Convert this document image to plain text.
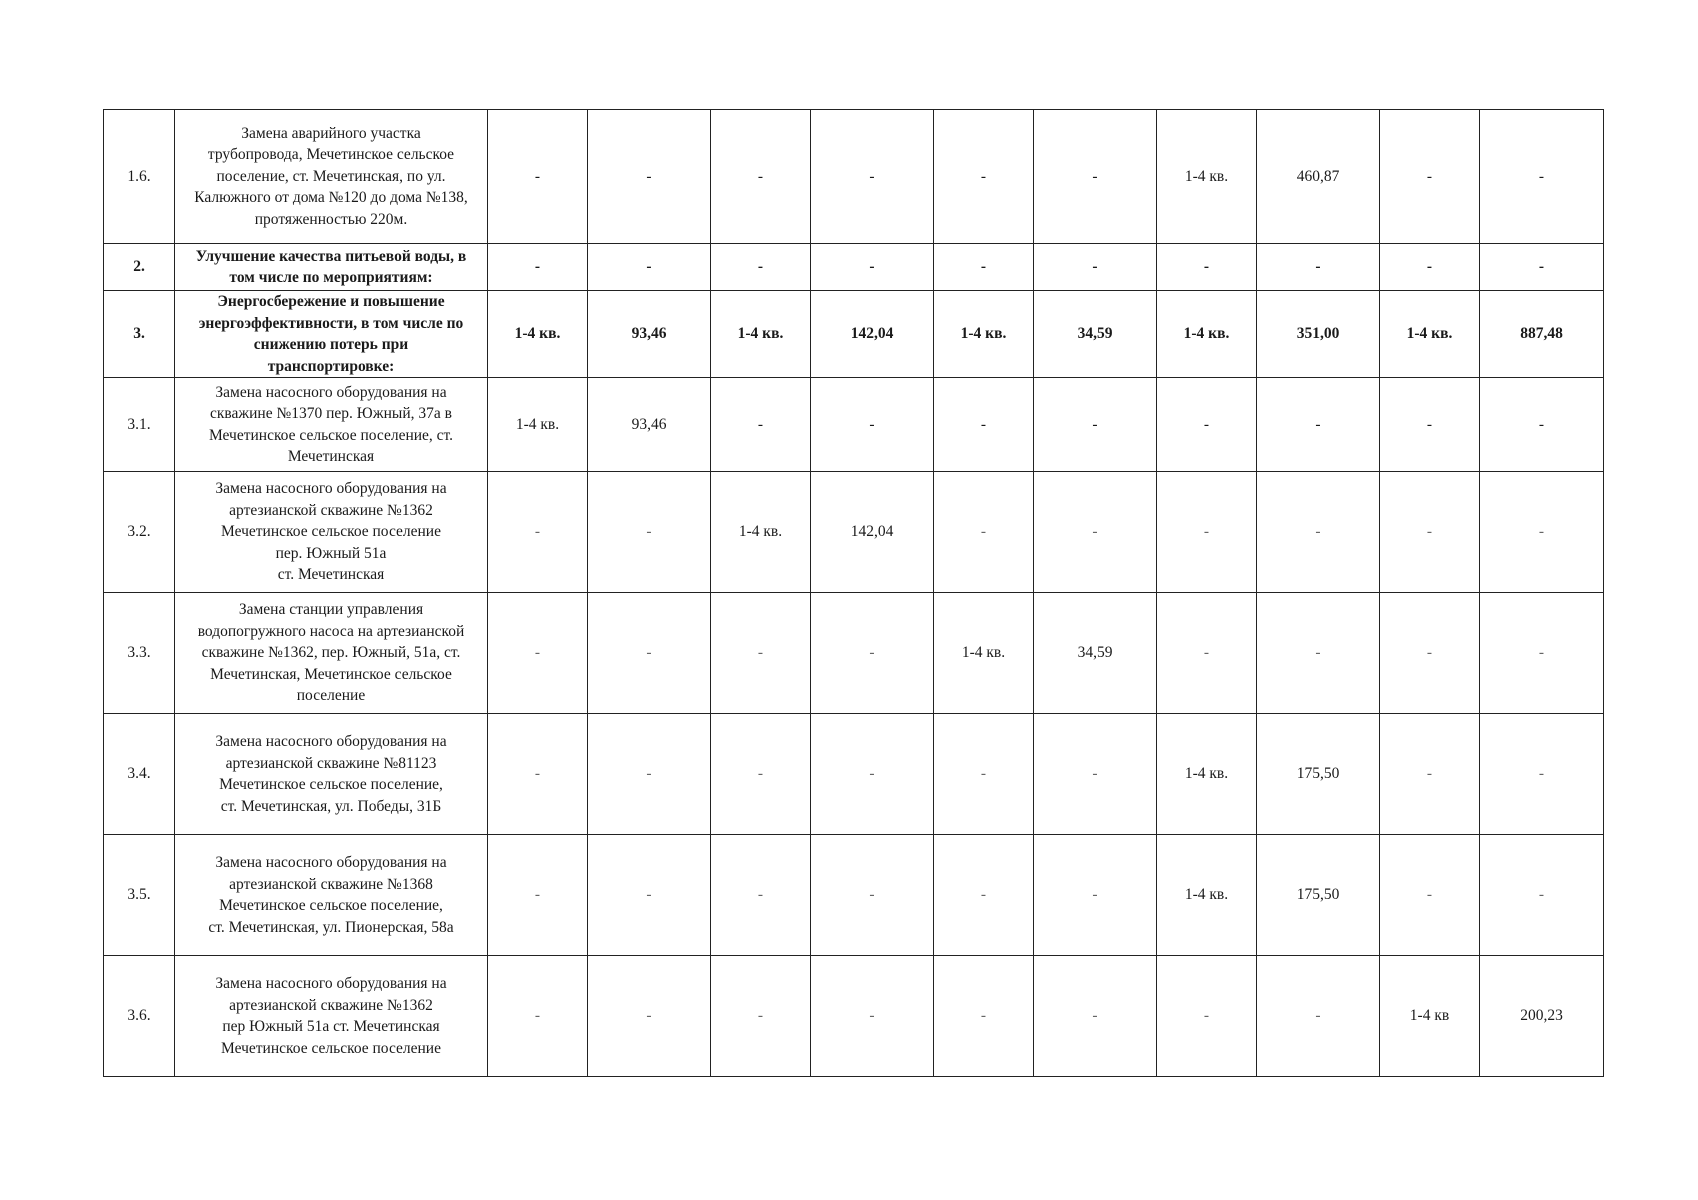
1.6.	Замена аварийного участка
трубопровода, Мечетинское сельское
поселение, ст. Мечетинская, по ул.
Калюжного от дома №120 до дома №138,
протяженностью 220м.	-	-	-	-	-	-	1-4 кв.	460,87	-	-
2.	Улучшение качества питьевой воды, в
том числе по мероприятиям:	-	-	-	-	-	-	-	-	-	-
3.	Энергосбережение и повышение
энергоэффективности, в том числе по
снижению потерь при
транспортировке:	1-4 кв.	93,46	1-4 кв.	142,04	1-4 кв.	34,59	1-4 кв.	351,00	1-4 кв.	887,48
3.1.	Замена насосного оборудования на
скважине №1370 пер. Южный, 37а в
Мечетинское сельское поселение, ст.
Мечетинская	1-4 кв.	93,46	-	-	-	-	-	-	-	-
3.2.	Замена насосного оборудования на
артезианской скважине №1362
Мечетинское сельское поселение
пер. Южный 51а
ст. Мечетинская	-	-	1-4 кв.	142,04	-	-	-	-	-	-
3.3.	Замена станции управления
водопогружного насоса на артезианской
скважине №1362, пер. Южный, 51а, ст.
Мечетинская, Мечетинское сельское
поселение	-	-	-	-	1-4 кв.	34,59	-	-	-	-
3.4.	Замена насосного оборудования на
артезианской скважине №81123
Мечетинское сельское поселение,
ст. Мечетинская, ул. Победы, 31Б	-	-	-	-	-	-	1-4 кв.	175,50	-	-
3.5.	Замена насосного оборудования на
артезианской скважине №1368
Мечетинское сельское поселение,
ст. Мечетинская, ул. Пионерская, 58а	-	-	-	-	-	-	1-4 кв.	175,50	-	-
3.6.	Замена насосного оборудования на
артезианской скважине №1362
пер Южный 51а ст. Мечетинская
Мечетинское сельское поселение	-	-	-	-	-	-	-	-	1-4 кв	200,23
